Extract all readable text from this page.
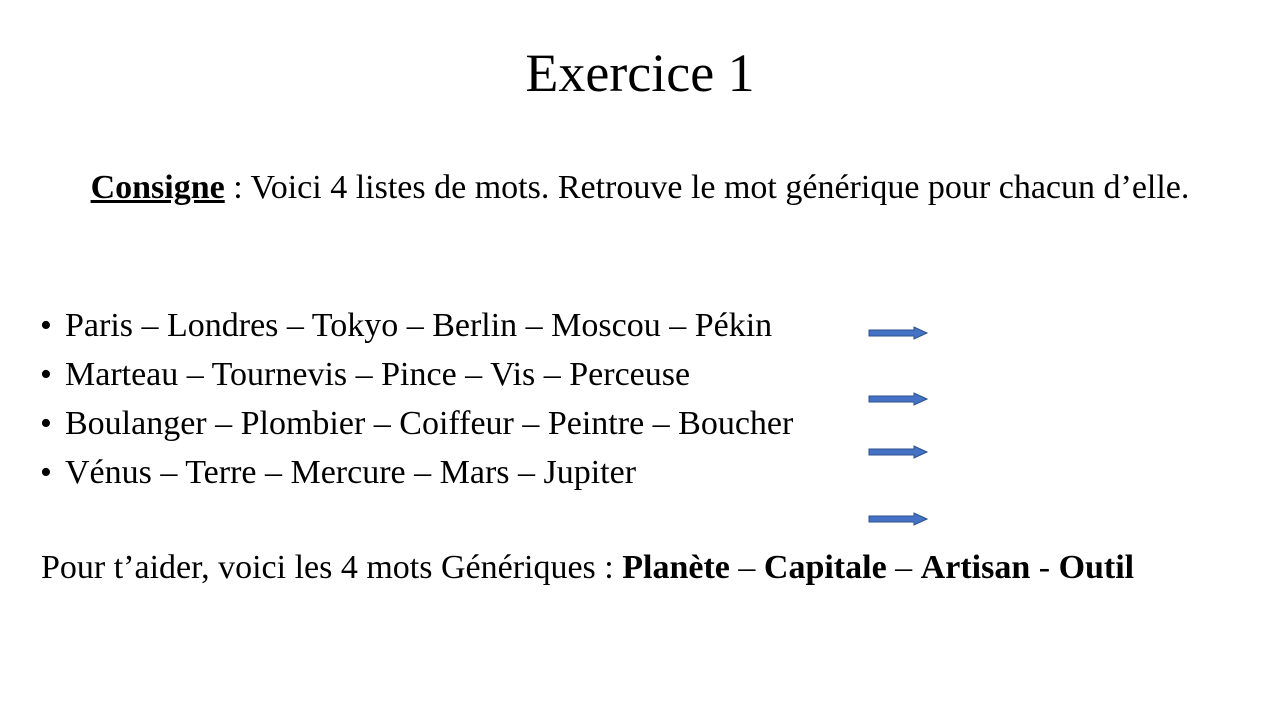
Exercice 1
Consigne : Voici 4 listes de mots. Retrouve le mot générique pour chacun d’elle.
• Paris – Londres – Tokyo – Berlin – Moscou – Pékin
• Marteau – Tournevis – Pince – Vis – Perceuse
• Boulanger – Plombier – Coiffeur – Peintre – Boucher
• Vénus – Terre – Mercure – Mars – Jupiter
Pour t’aider, voici les 4 mots Génériques : Planète – Capitale – Artisan - Outil
